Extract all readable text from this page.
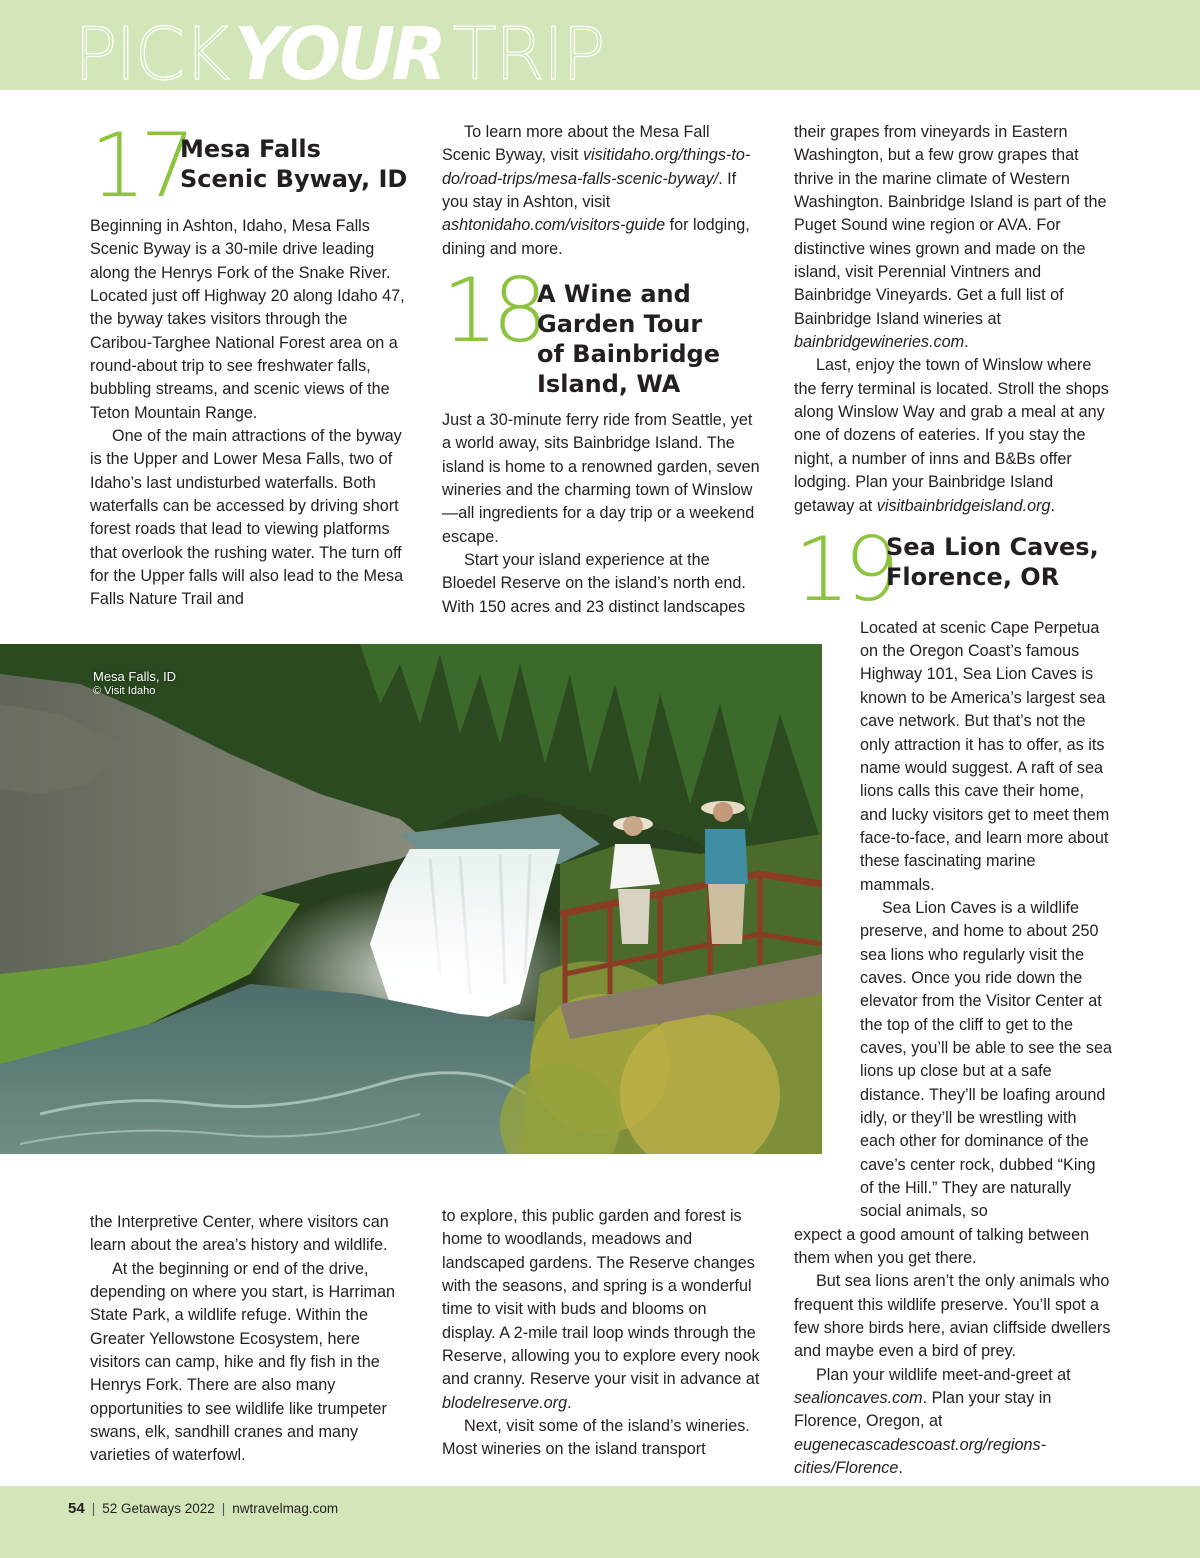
PICKYOUR TRIP
17
Mesa Falls Scenic Byway, ID

Beginning in Ashton, Idaho, Mesa Falls Scenic Byway is a 30-mile drive leading along the Henrys Fork of the Snake River. Located just off Highway 20 along Idaho 47, the byway takes visitors through the Caribou-Targhee National Forest area on a round-about trip to see freshwater falls, bubbling streams, and scenic views of the Teton Mountain Range.

One of the main attractions of the byway is the Upper and Lower Mesa Falls, two of Idaho’s last undisturbed waterfalls. Both waterfalls can be accessed by driving short forest roads that lead to viewing platforms that overlook the rushing water. The turn off for the Upper falls will also lead to the Mesa Falls Nature Trail and

To learn more about the Mesa Fall Scenic Byway, visit visitidaho.org/things-to-do/road-trips/mesa-falls-scenic-byway/. If you stay in Ashton, visit ashtonidaho.com/visitors-guide for lodging, dining and more.

18
A Wine and Garden Tour of Bainbridge Island, WA

Just a 30-minute ferry ride from Seattle, yet a world away, sits Bainbridge Island. The island is home to a renowned garden, seven wineries and the charming town of Winslow—all ingredients for a day trip or a weekend escape.

Start your island experience at the Bloedel Reserve on the island’s north end. With 150 acres and 23 distinct landscapes

their grapes from vineyards in Eastern Washington, but a few grow grapes that thrive in the marine climate of Western Washington. Bainbridge Island is part of the Puget Sound wine region or AVA. For distinctive wines grown and made on the island, visit Perennial Vintners and Bainbridge Vineyards. Get a full list of Bainbridge Island wineries at bainbridgewineries.com.

Last, enjoy the town of Winslow where the ferry terminal is located. Stroll the shops along Winslow Way and grab a meal at any one of dozens of eateries. If you stay the night, a number of inns and B&Bs offer lodging. Plan your Bainbridge Island getaway at visitbainbridgeisland.org.

19
Sea Lion Caves, Florence, OR

Located at scenic Cape Perpetua on the Oregon Coast’s famous Highway 101, Sea Lion Caves is known to be America’s largest sea cave network. But that’s not the only attraction it has to offer, as its name would suggest. A raft of sea lions calls this cave their home, and lucky visitors get to meet them face-to-face, and learn more about these fascinating marine mammals.

Sea Lion Caves is a wildlife preserve, and home to about 250 sea lions who regularly visit the caves. Once you ride down the elevator from the Visitor Center at the top of the cliff to get to the caves, you’ll be able to see the sea lions up close but at a safe distance. They’ll be loafing around idly, or they’ll be wrestling with each other for dominance of the cave’s center rock, dubbed “King of the Hill.” They are naturally social animals, so

expect a good amount of talking between them when you get there.

But sea lions aren’t the only animals who frequent this wildlife preserve. You’ll spot a few shore birds here, avian cliffside dwellers and maybe even a bird of prey.

Plan your wildlife meet-and-greet at sealioncaves.com. Plan your stay in Florence, Oregon, at eugenecascadescoast.org/regions-cities/Florence.

Mesa Falls, ID
© Visit Idaho

the Interpretive Center, where visitors can learn about the area’s history and wildlife.

At the beginning or end of the drive, depending on where you start, is Harriman State Park, a wildlife refuge. Within the Greater Yellowstone Ecosystem, here visitors can camp, hike and fly fish in the Henrys Fork. There are also many opportunities to see wildlife like trumpeter swans, elk, sandhill cranes and many varieties of waterfowl.

to explore, this public garden and forest is home to woodlands, meadows and landscaped gardens. The Reserve changes with the seasons, and spring is a wonderful time to visit with buds and blooms on display. A 2-mile trail loop winds through the Reserve, allowing you to explore every nook and cranny. Reserve your visit in advance at blodelreserve.org.

Next, visit some of the island’s wineries. Most wineries on the island transport

54 | 52 Getaways 2022 | nwtravelmag.com
